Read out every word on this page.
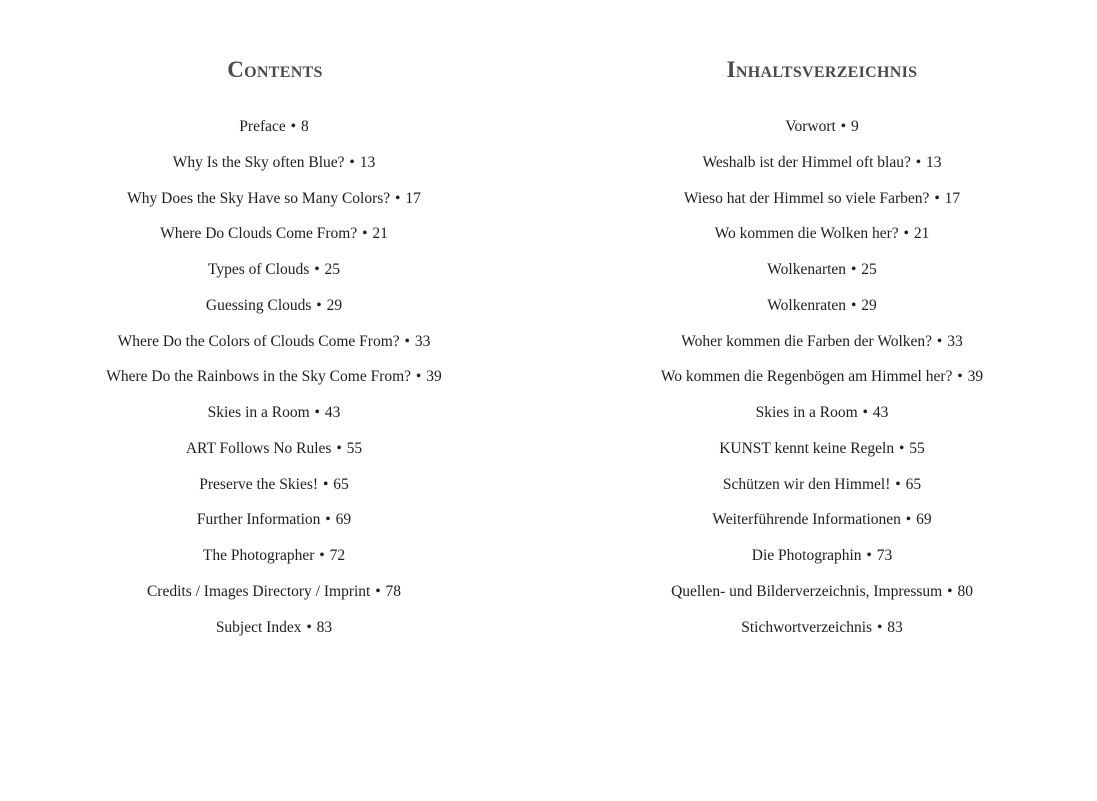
Contents
Preface • 8
Why Is the Sky often Blue? • 13
Why Does the Sky Have so Many Colors? • 17
Where Do Clouds Come From? • 21
Types of Clouds • 25
Guessing Clouds • 29
Where Do the Colors of Clouds Come From? • 33
Where Do the Rainbows in the Sky Come From? • 39
Skies in a Room • 43
ART Follows No Rules • 55
Preserve the Skies! • 65
Further Information • 69
The Photographer • 72
Credits / Images Directory / Imprint • 78
Subject Index • 83
Inhaltsverzeichnis
Vorwort • 9
Weshalb ist der Himmel oft blau? • 13
Wieso hat der Himmel so viele Farben? • 17
Wo kommen die Wolken her? • 21
Wolkenarten • 25
Wolkenraten • 29
Woher kommen die Farben der Wolken? • 33
Wo kommen die Regenbögen am Himmel her? • 39
Skies in a Room • 43
KUNST kennt keine Regeln • 55
Schützen wir den Himmel! • 65
Weiterführende Informationen • 69
Die Photographin • 73
Quellen- und Bilderverzeichnis, Impressum • 80
Stichwortverzeichnis • 83
